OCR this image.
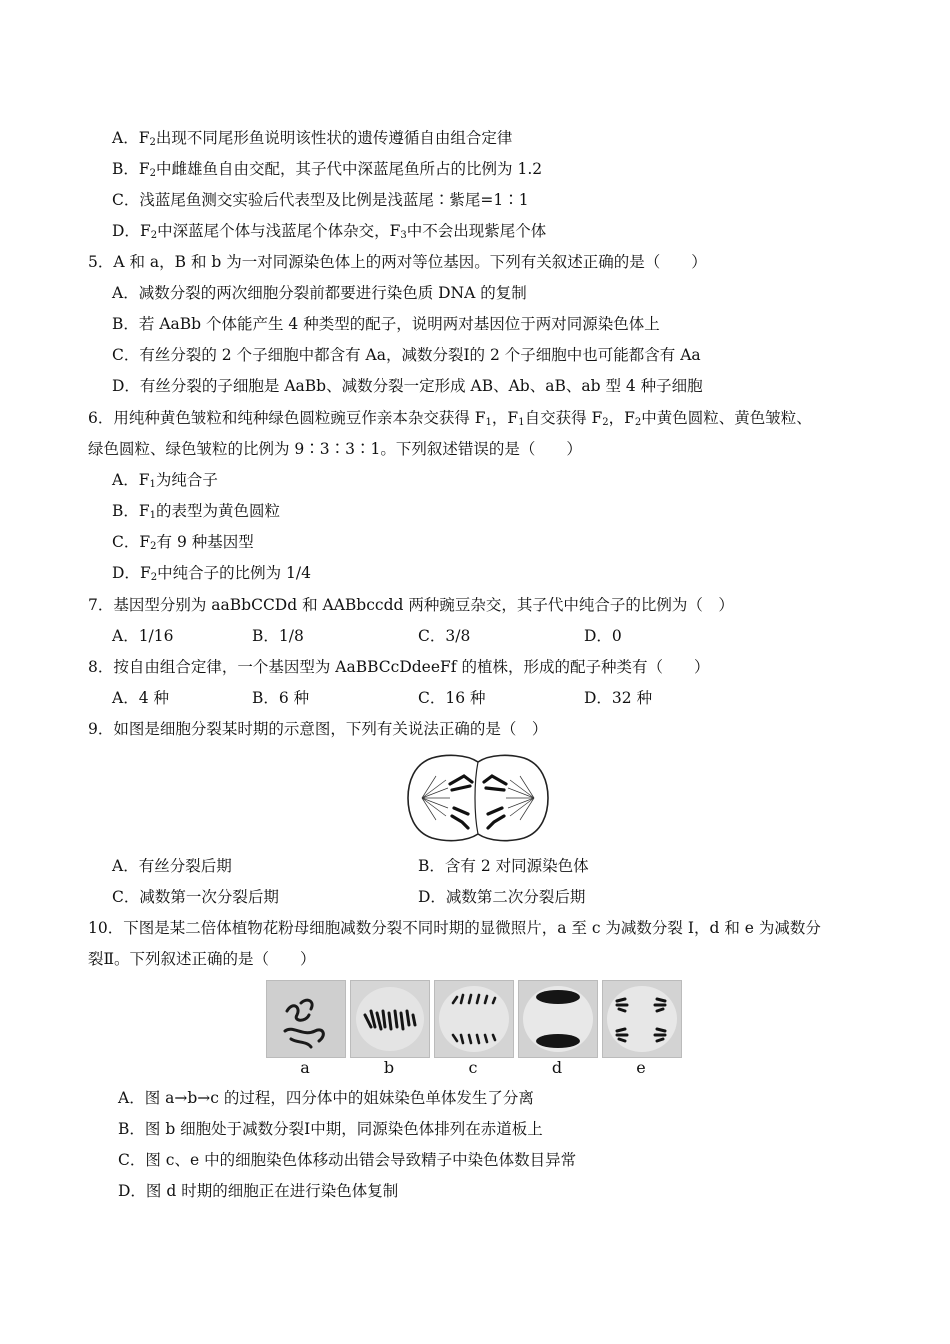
A．$F_2$出现不同尾形鱼说明该性状的遗传遵循自由组合定律
B．$F_2$中雌雄鱼自由交配，其子代中深蓝尾鱼所占的比例为 1.2
C．浅蓝尾鱼测交实验后代表型及比例是浅蓝尾∶紫尾=1∶1
D．$F_2$中深蓝尾个体与浅蓝尾个体杂交，$F_3$中不会出现紫尾个体
5．A 和 a，B 和 b 为一对同源染色体上的两对等位基因。下列有关叙述正确的是（　　）
A．减数分裂的两次细胞分裂前都要进行染色质 DNA 的复制
B．若 AaBb 个体能产生 4 种类型的配子，说明两对基因位于两对同源染色体上
C．有丝分裂的 2 个子细胞中都含有 Aa，减数分裂Ⅰ的 2 个子细胞中也可能都含有 Aa
D．有丝分裂的子细胞是 AaBb、减数分裂一定形成 AB、Ab、aB、ab 型 4 种子细胞
6．用纯种黄色皱粒和纯种绿色圆粒豌豆作亲本杂交获得 $F_1$，$F_1$自交获得 $F_2$，$F_2$中黄色圆粒、黄色皱粒、
绿色圆粒、绿色皱粒的比例为 9∶3∶3∶1。下列叙述错误的是（　　）
A．$F_1$为纯合子
B．$F_1$的表型为黄色圆粒
C．$F_2$有 9 种基因型
D．$F_2$中纯合子的比例为 1/4
7．基因型分别为 aaBbCCDd 和 AABbccdd 两种豌豆杂交，其子代中纯合子的比例为（　）
A．1/16	B．1/8	C．3/8	D．0
8．按自由组合定律，一个基因型为 AaBBCcDdeeFf 的植株，形成的配子种类有（　　）
A．4 种	B．6 种	C．16 种	D．32 种
9．如图是细胞分裂某时期的示意图，下列有关说法正确的是（　）
A．有丝分裂后期	B．含有 2 对同源染色体
C．减数第一次分裂后期	D．减数第二次分裂后期
10．下图是某二倍体植物花粉母细胞减数分裂不同时期的显微照片，a 至 c 为减数分裂 I，d 和 e 为减数分
裂Ⅱ。下列叙述正确的是（　　）
a	b	c	d	e
A．图 a→b→c 的过程，四分体中的姐妹染色单体发生了分离
B．图 b 细胞处于减数分裂Ⅰ中期，同源染色体排列在赤道板上
C．图 c、e 中的细胞染色体移动出错会导致精子中染色体数目异常
D．图 d 时期的细胞正在进行染色体复制
